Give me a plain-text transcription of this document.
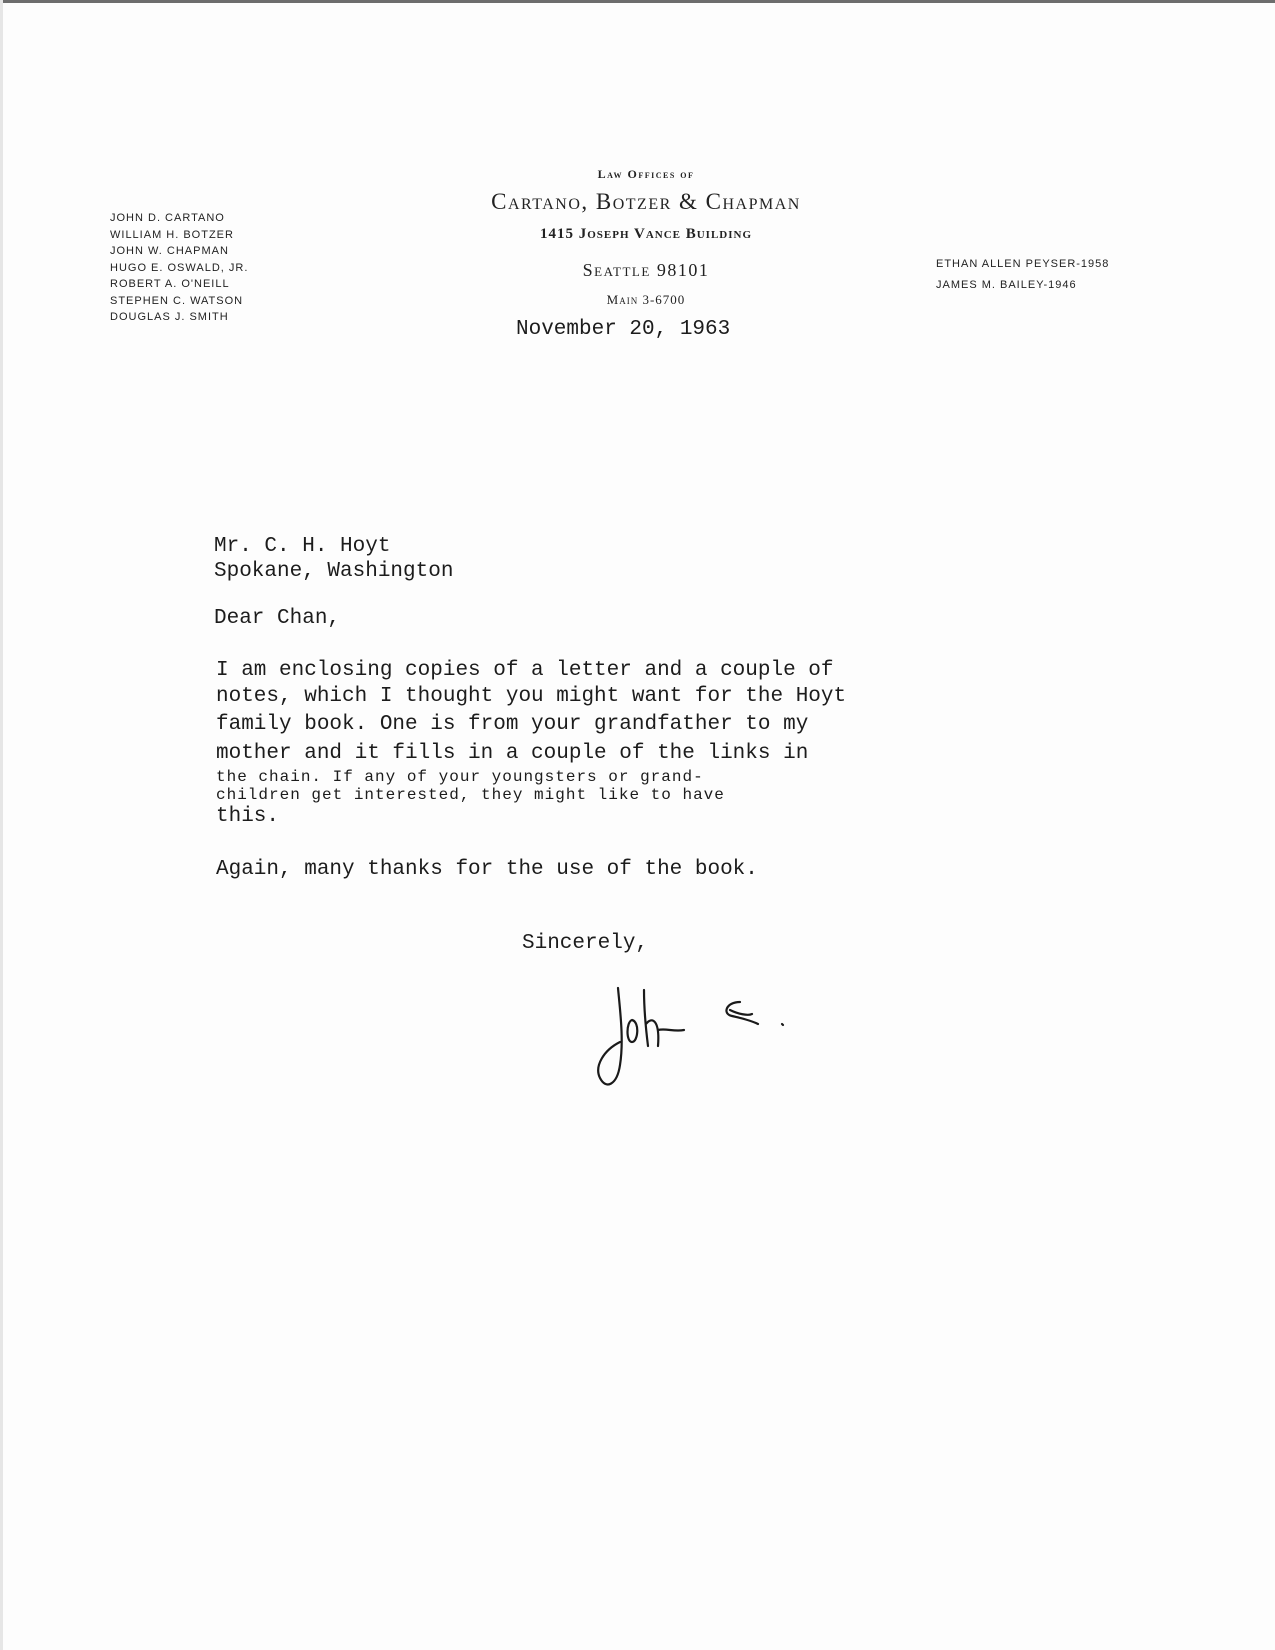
JOHN D. CARTANO
WILLIAM H. BOTZER
JOHN W. CHAPMAN
HUGO E. OSWALD, JR.
ROBERT A. O'NEILL
STEPHEN C. WATSON
DOUGLAS J. SMITH
Law Offices of
Cartano, Botzer & Chapman
1415 Joseph Vance Building
Seattle 98101
Main 3-6700
ETHAN ALLEN PEYSER-1958
JAMES M. BAILEY-1946
November 20, 1963
Mr. C. H. Hoyt
Spokane, Washington
Dear Chan,
I am enclosing copies of a letter and a couple of
notes, which I thought you might want for the Hoyt
family book. One is from your grandfather to my
mother and it fills in a couple of the links in
the chain. If any of your youngsters or grand-
children get interested, they might like to have
this.
Again, many thanks for the use of the book.
Sincerely,
